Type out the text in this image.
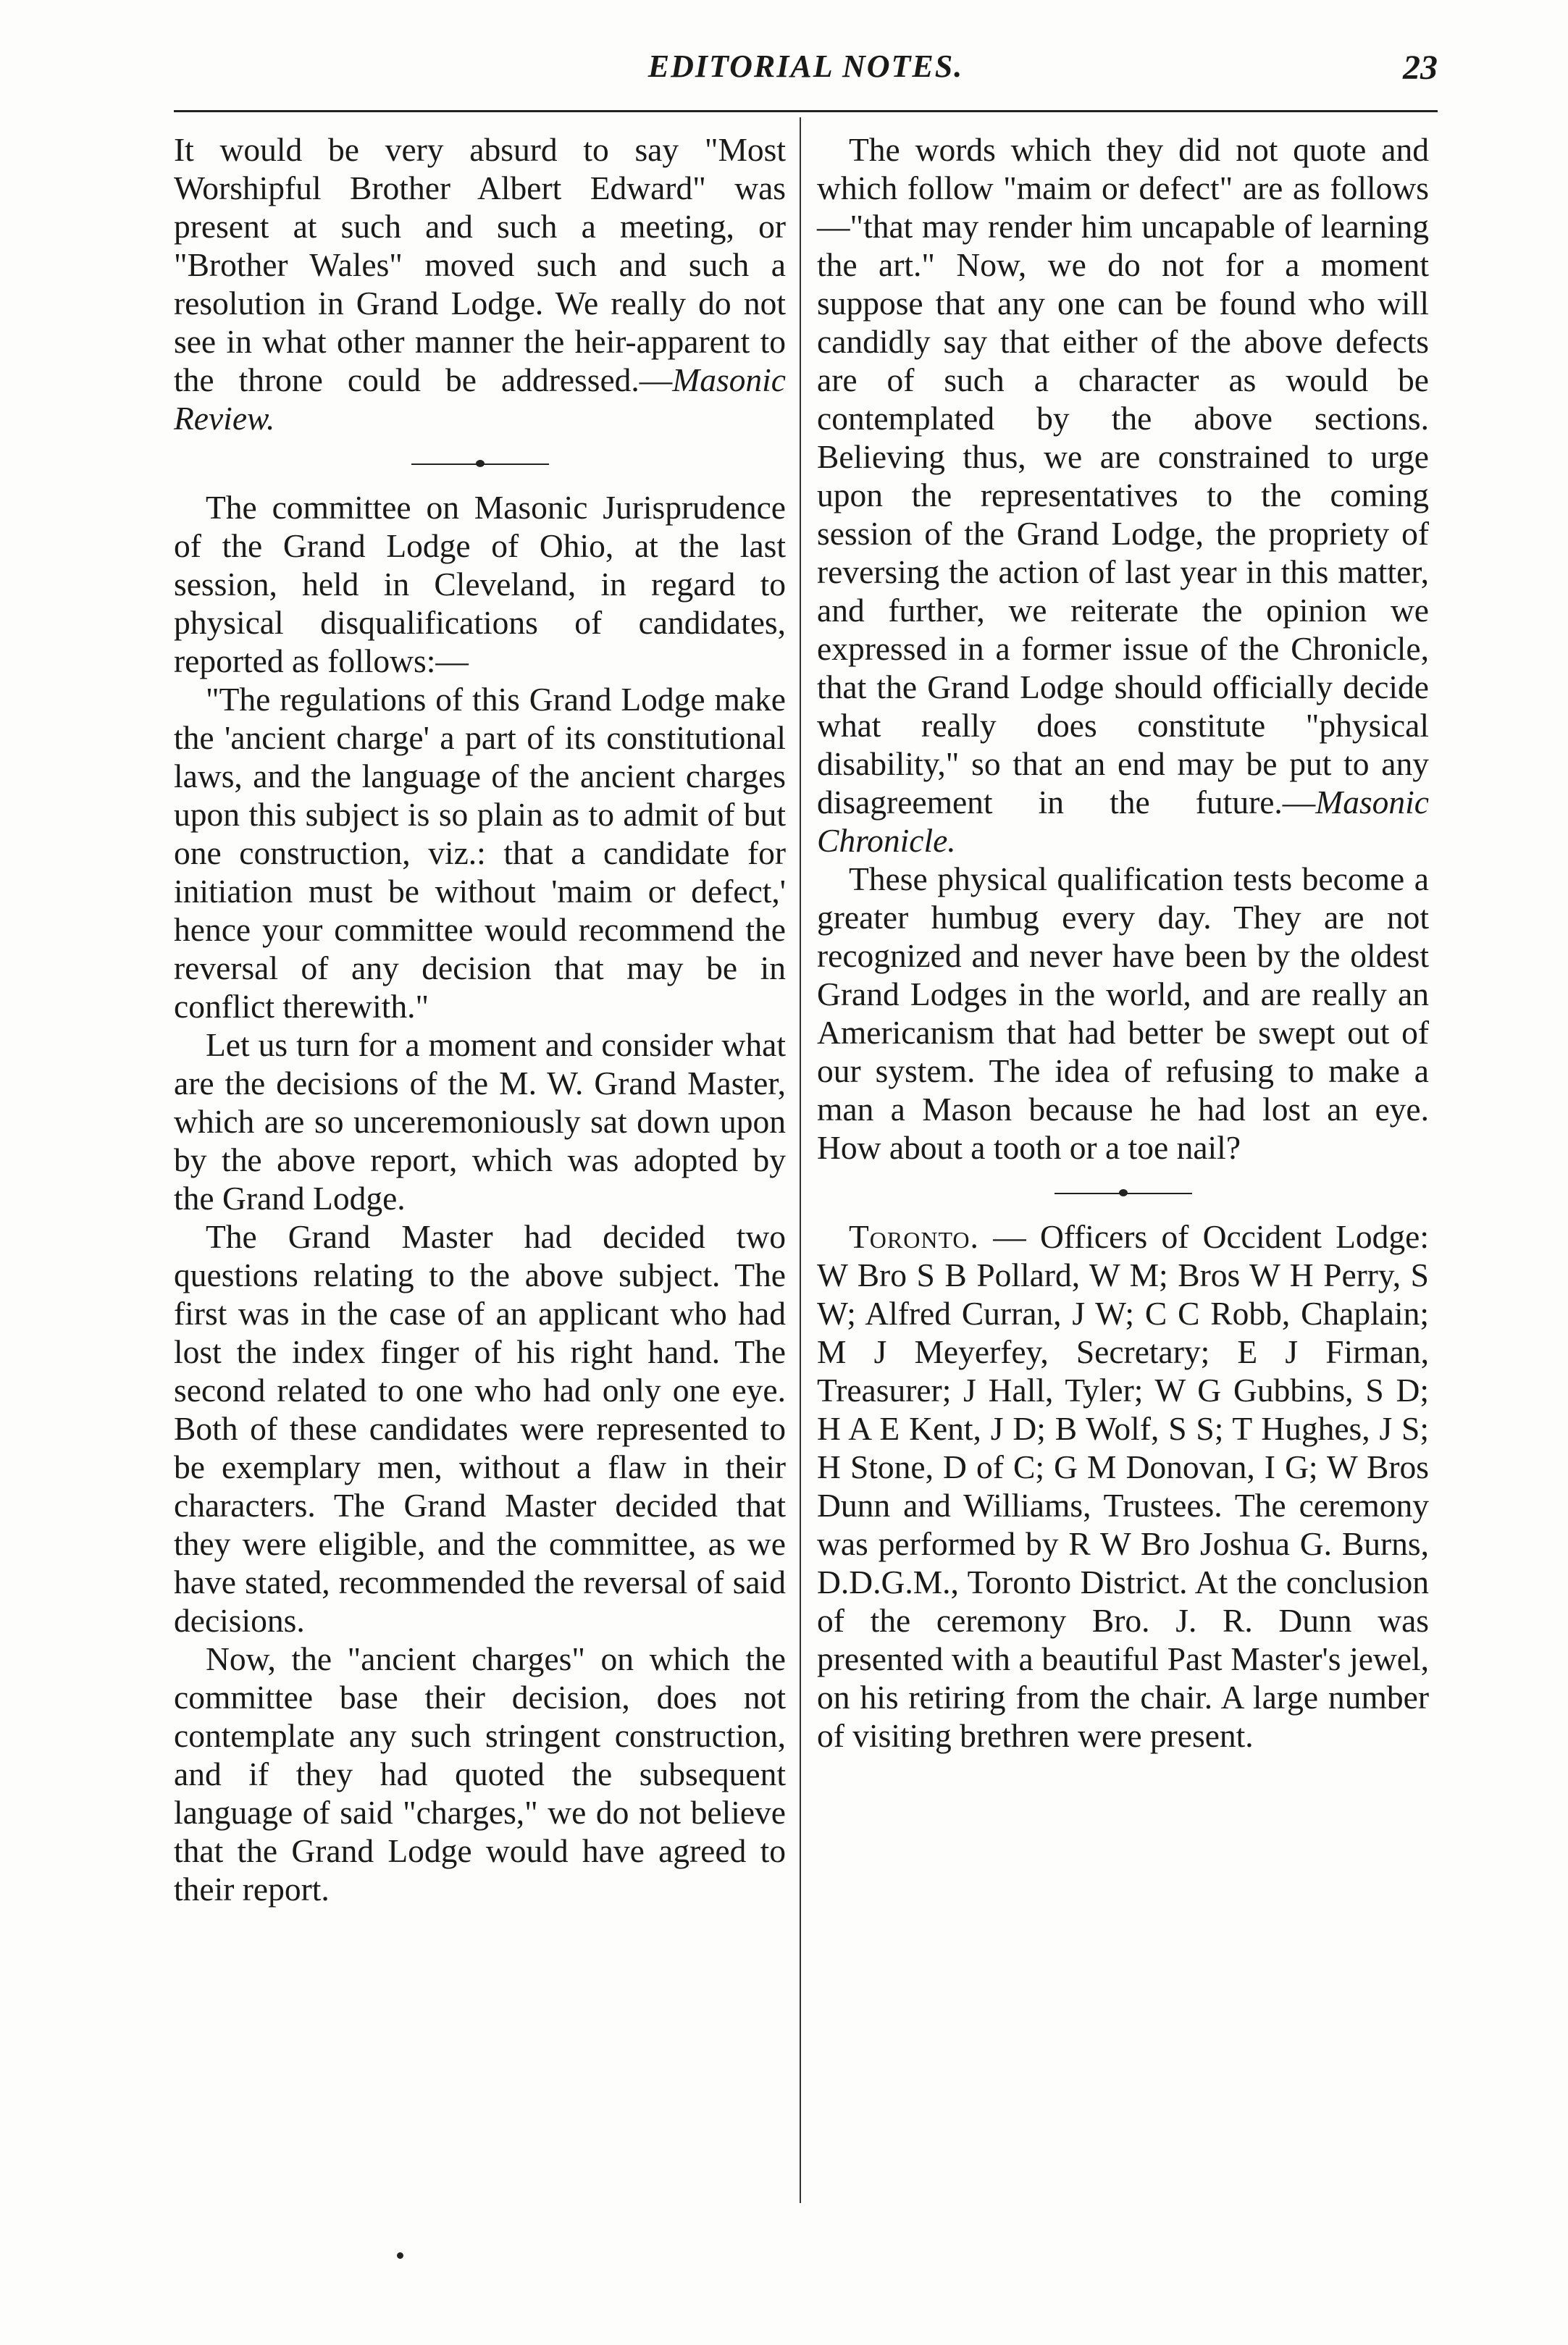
EDITORIAL NOTES.	23

It would be very absurd to say "Most Worshipful Brother Albert Edward" was present at such and such a meeting, or "Brother Wales" moved such and such a resolution in Grand Lodge. We really do not see in what other manner the heir-apparent to the throne could be addressed.—Masonic Review.

The committee on Masonic Jurisprudence of the Grand Lodge of Ohio, at the last session, held in Cleveland, in regard to physical disqualifications of candidates, reported as follows:—

"The regulations of this Grand Lodge make the 'ancient charge' a part of its constitutional laws, and the language of the ancient charges upon this subject is so plain as to admit of but one construction, viz.: that a candidate for initiation must be without 'maim or defect,' hence your committee would recommend the reversal of any decision that may be in conflict therewith."

Let us turn for a moment and consider what are the decisions of the M. W. Grand Master, which are so unceremoniously sat down upon by the above report, which was adopted by the Grand Lodge.

The Grand Master had decided two questions relating to the above subject. The first was in the case of an applicant who had lost the index finger of his right hand. The second related to one who had only one eye. Both of these candidates were represented to be exemplary men, without a flaw in their characters. The Grand Master decided that they were eligible, and the committee, as we have stated, recommended the reversal of said decisions.

Now, the "ancient charges" on which the committee base their decision, does not contemplate any such stringent construction, and if they had quoted the subsequent language of said "charges," we do not believe that the Grand Lodge would have agreed to their report.

The words which they did not quote and which follow "maim or defect" are as follows—"that may render him uncapable of learning the art." Now, we do not for a moment suppose that any one can be found who will candidly say that either of the above defects are of such a character as would be contemplated by the above sections. Believing thus, we are constrained to urge upon the representatives to the coming session of the Grand Lodge, the propriety of reversing the action of last year in this matter, and further, we reiterate the opinion we expressed in a former issue of the Chronicle, that the Grand Lodge should officially decide what really does constitute "physical disability," so that an end may be put to any disagreement in the future.—Masonic Chronicle.

These physical qualification tests become a greater humbug every day. They are not recognized and never have been by the oldest Grand Lodges in the world, and are really an Americanism that had better be swept out of our system. The idea of refusing to make a man a Mason because he had lost an eye. How about a tooth or a toe nail?

Toronto. — Officers of Occident Lodge: W Bro S B Pollard, W M; Bros W H Perry, S W; Alfred Curran, J W; C C Robb, Chaplain; M J Meyerfey, Secretary; E J Firman, Treasurer; J Hall, Tyler; W G Gubbins, S D; H A E Kent, J D; B Wolf, S S; T Hughes, J S; H Stone, D of C; G M Donovan, I G; W Bros Dunn and Williams, Trustees. The ceremony was performed by R W Bro Joshua G. Burns, D.D.G.M., Toronto District. At the conclusion of the ceremony Bro. J. R. Dunn was presented with a beautiful Past Master's jewel, on his retiring from the chair. A large number of visiting brethren were present.
